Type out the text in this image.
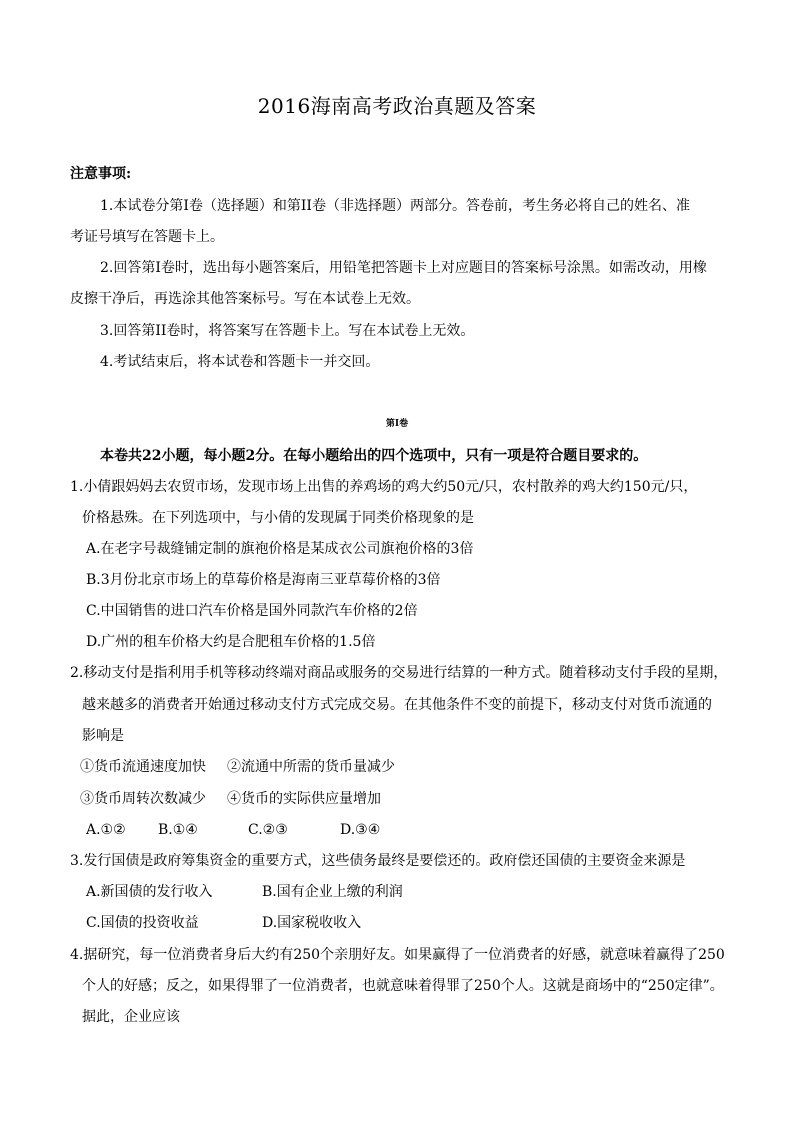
2016海南高考政治真题及答案
注意事项:
1.本试卷分第I卷（选择题）和第II卷（非选择题）两部分。答卷前，考生务必将自己的姓名、准
考证号填写在答题卡上。
2.回答第I卷时，选出每小题答案后，用铅笔把答题卡上对应题目的答案标号涂黑。如需改动，用橡
皮擦干净后，再选涂其他答案标号。写在本试卷上无效。
3.回答第II卷时，将答案写在答题卡上。写在本试卷上无效。
4.考试结束后，将本试卷和答题卡一并交回。
第I卷
本卷共22小题，每小题2分。在每小题给出的四个选项中，只有一项是符合题目要求的。
1.小倩跟妈妈去农贸市场，发现市场上出售的养鸡场的鸡大约50元/只，农村散养的鸡大约150元/只，
价格悬殊。在下列选项中，与小倩的发现属于同类价格现象的是
A.在老字号裁缝铺定制的旗袍价格是某成衣公司旗袍价格的3倍
B.3月份北京市场上的草莓价格是海南三亚草莓价格的3倍
C.中国销售的进口汽车价格是国外同款汽车价格的2倍
D.广州的租车价格大约是合肥租车价格的1.5倍
2.移动支付是指利用手机等移动终端对商品或服务的交易进行结算的一种方式。随着移动支付手段的星期，
越来越多的消费者开始通过移动支付方式完成交易。在其他条件不变的前提下，移动支付对货币流通的
影响是
①货币流通速度加快 ②流通中所需的货币量减少
③货币周转次数减少 ④货币的实际供应量增加
A.①② B.①④	C.②③	D.③④
3.发行国债是政府筹集资金的重要方式，这些债务最终是要偿还的。政府偿还国债的主要资金来源是
A.新国债的发行收入	B.国有企业上缴的利润
C.国债的投资收益	D.国家税收收入
4.据研究，每一位消费者身后大约有250个亲朋好友。如果赢得了一位消费者的好感，就意味着赢得了250
个人的好感；反之，如果得罪了一位消费者，也就意味着得罪了250个人。这就是商场中的“250定律”。
据此，企业应该
